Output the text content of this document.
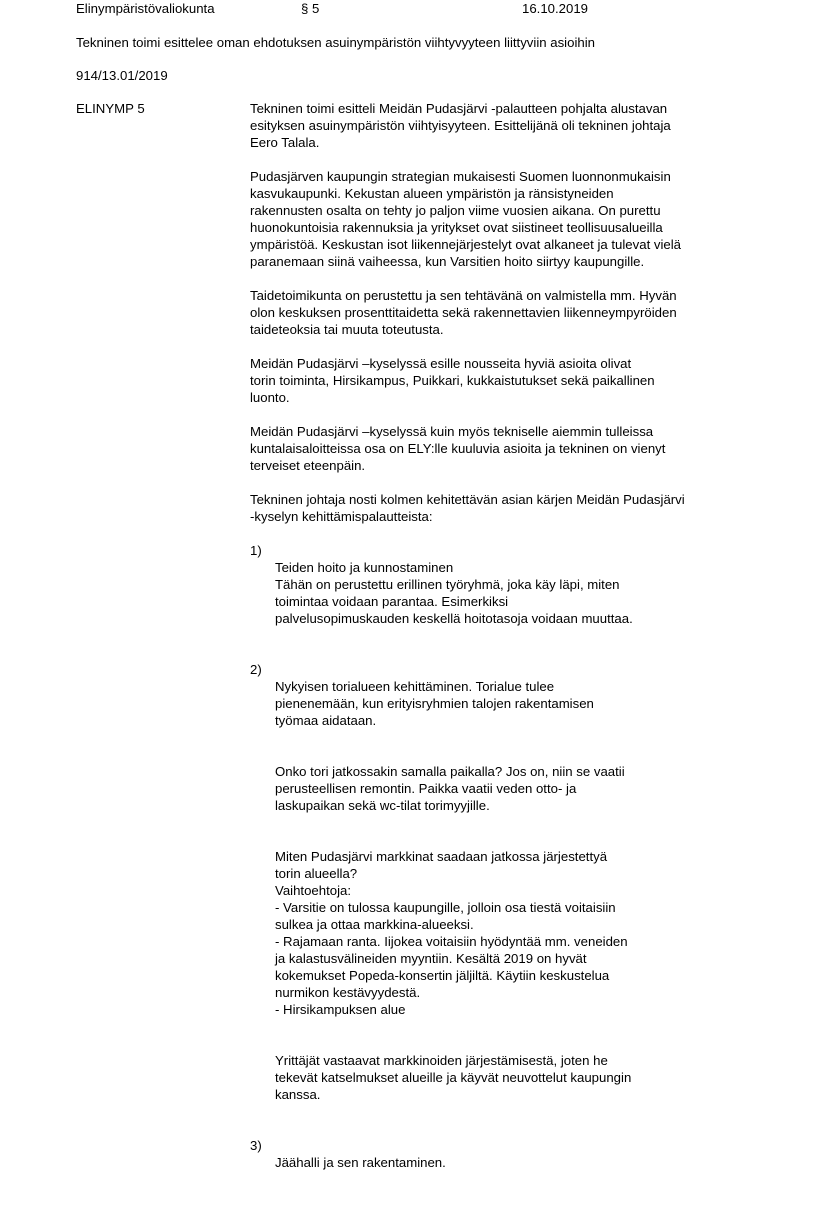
Elinympäristövaliokunta	§ 5	16.10.2019
Tekninen toimi esittelee oman ehdotuksen asuinympäristön viihtyvyyteen liittyviin asioihin
914/13.01/2019
ELINYMP 5	Tekninen toimi esitteli Meidän Pudasjärvi -palautteen pohjalta alustavan
esityksen asuinympäristön viihtyisyyteen. Esittelijänä oli tekninen johtaja
Eero Talala.

Pudasjärven kaupungin strategian mukaisesti Suomen luonnonmukaisin
kasvukaupunki. Kekustan alueen ympäristön ja ränsistyneiden
rakennusten osalta on tehty jo paljon viime vuosien aikana. On purettu
huonokuntoisia rakennuksia ja yritykset ovat siistineet teollisuusalueilla
ympäristöä. Keskustan isot liikennejärjestelyt ovat alkaneet ja tulevat vielä
paranemaan siinä vaiheessa, kun Varsitien hoito siirtyy kaupungille.

Taidetoimikunta on perustettu ja sen tehtävänä on valmistella mm. Hyvän
olon keskuksen prosenttitaidetta sekä rakennettavien liikenneympyröiden
taideteoksia tai muuta toteutusta.

Meidän Pudasjärvi –kyselyssä esille nousseita hyviä asioita olivat
torin toiminta, Hirsikampus, Puikkari, kukkaistutukset sekä paikallinen
luonto.

Meidän Pudasjärvi –kyselyssä kuin myös tekniselle aiemmin tulleissa
kuntalaisaloitteissa osa on ELY:lle kuuluvia asioita ja tekninen on vienyt
terveiset eteenpäin.

Tekninen johtaja nosti kolmen kehitettävän asian kärjen Meidän Pudasjärvi
-kyselyn kehittämispalautteista:

1)

Teiden hoito ja kunnostaminen
Tähän on perustettu erillinen työryhmä, joka käy läpi, miten
toimintaa voidaan parantaa. Esimerkiksi
palvelusopimuskauden keskellä hoitotasoja voidaan muuttaa.

2)

Nykyisen torialueen kehittäminen. Torialue tulee
pienenemään, kun erityisryhmien talojen rakentamisen
työmaa aidataan.

Onko tori jatkossakin samalla paikalla? Jos on, niin se vaatii
perusteellisen remontin. Paikka vaatii veden otto- ja
laskupaikan sekä wc-tilat torimyyjille.

Miten Pudasjärvi markkinat saadaan jatkossa järjestettyä
torin alueella?
Vaihtoehtoja:
- Varsitie on tulossa kaupungille, jolloin osa tiestä voitaisiin
sulkea ja ottaa markkina-alueeksi.
- Rajamaan ranta. Iijokea voitaisiin hyödyntää mm. veneiden
ja kalastusvälineiden myyntiin. Kesältä 2019 on hyvät
kokemukset Popeda-konsertin jäljiltä. Käytiin keskustelua
nurmikon kestävyydestä.
- Hirsikampuksen alue

Yrittäjät vastaavat markkinoiden järjestämisestä, joten he
tekevät katselmukset alueille ja käyvät neuvottelut kaupungin
kanssa.

3)

Jäähalli ja sen rakentaminen.
